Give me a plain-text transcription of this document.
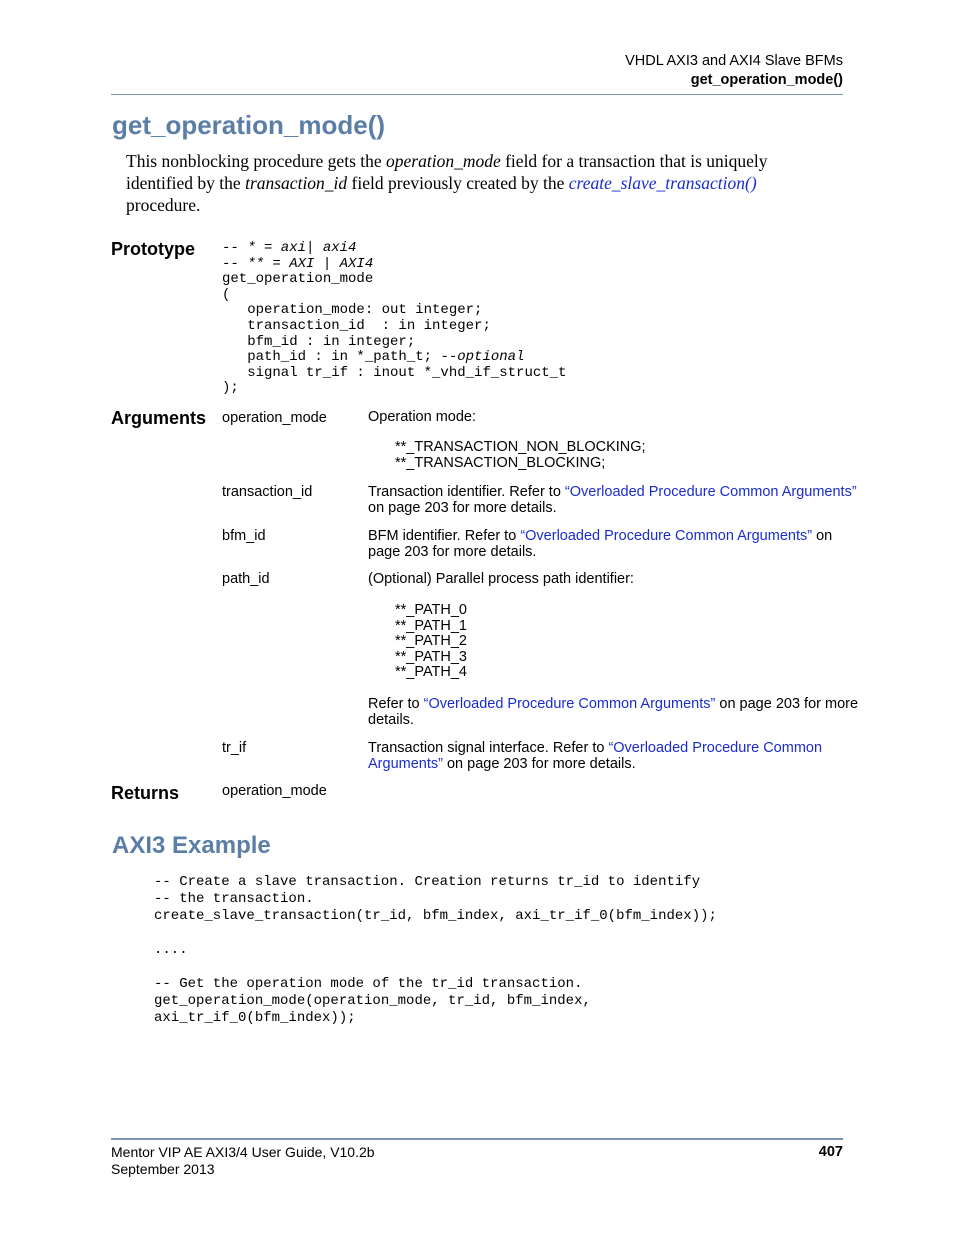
VHDL AXI3 and AXI4 Slave BFMs
get_operation_mode()
get_operation_mode()
This nonblocking procedure gets the operation_mode field for a transaction that is uniquely identified by the transaction_id field previously created by the create_slave_transaction() procedure.
Prototype -- * = axi| axi4
-- ** = AXI | AXI4
get_operation_mode
(
operation_mode: out integer;
transaction_id  : in integer;
bfm_id : in integer;
path_id : in *_path_t; --optional
signal tr_if : inout *_vhd_if_struct_t
);
Arguments operation_mode	Operation mode:
**_TRANSACTION_NON_BLOCKING;
**_TRANSACTION_BLOCKING;
transaction_id	Transaction identifier. Refer to “Overloaded Procedure Common Arguments” on page 203 for more details.
bfm_id	BFM identifier. Refer to “Overloaded Procedure Common Arguments” on page 203 for more details.
path_id	(Optional) Parallel process path identifier:
**_PATH_0
**_PATH_1
**_PATH_2
**_PATH_3
**_PATH_4
Refer to “Overloaded Procedure Common Arguments” on page 203 for more details.
tr_if	Transaction signal interface. Refer to “Overloaded Procedure Common Arguments” on page 203 for more details.
Returns	operation_mode
AXI3 Example
-- Create a slave transaction. Creation returns tr_id to identify
-- the transaction.
create_slave_transaction(tr_id, bfm_index, axi_tr_if_0(bfm_index));

....

-- Get the operation mode of the tr_id transaction.
get_operation_mode(operation_mode, tr_id, bfm_index,
axi_tr_if_0(bfm_index));
Mentor VIP AE AXI3/4 User Guide, V10.2b
September 2013
407
